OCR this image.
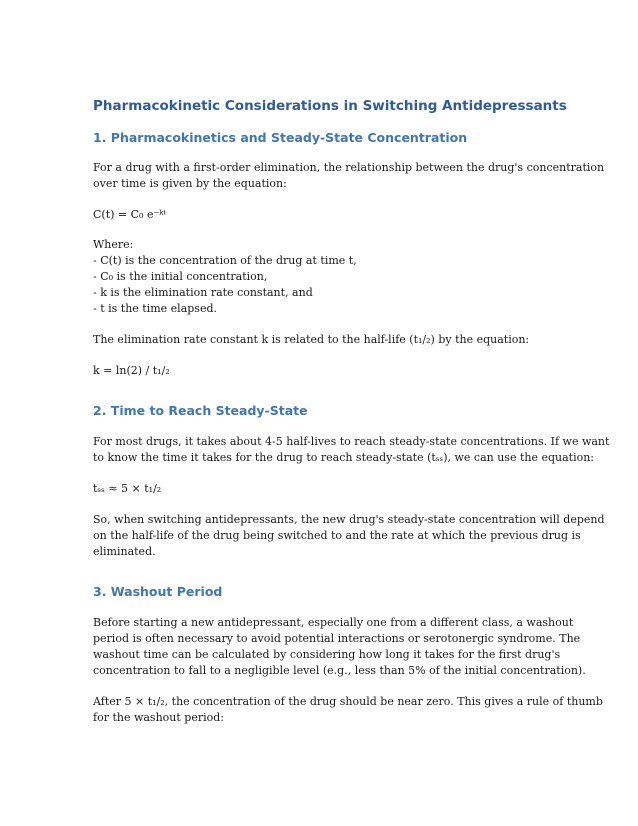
Pharmacokinetic Considerations in Switching Antidepressants
1. Pharmacokinetics and Steady-State Concentration

For a drug with a first-order elimination, the relationship between the drug's concentration
over time is given by the equation:

C(t) = C₀ e⁻ᵏᵗ

Where:
- C(t) is the concentration of the drug at time t,
- C₀ is the initial concentration,
- k is the elimination rate constant, and
- t is the time elapsed.

The elimination rate constant k is related to the half-life (t₁/₂) by the equation:

k = ln(2) / t₁/₂

2. Time to Reach Steady-State

For most drugs, it takes about 4-5 half-lives to reach steady-state concentrations. If we want
to know the time it takes for the drug to reach steady-state (tₛₛ), we can use the equation:

tₛₛ ≈ 5 × t₁/₂

So, when switching antidepressants, the new drug's steady-state concentration will depend
on the half-life of the drug being switched to and the rate at which the previous drug is
eliminated.

3. Washout Period

Before starting a new antidepressant, especially one from a different class, a washout
period is often necessary to avoid potential interactions or serotonergic syndrome. The
washout time can be calculated by considering how long it takes for the first drug's
concentration to fall to a negligible level (e.g., less than 5% of the initial concentration).

After 5 × t₁/₂, the concentration of the drug should be near zero. This gives a rule of thumb
for the washout period:
